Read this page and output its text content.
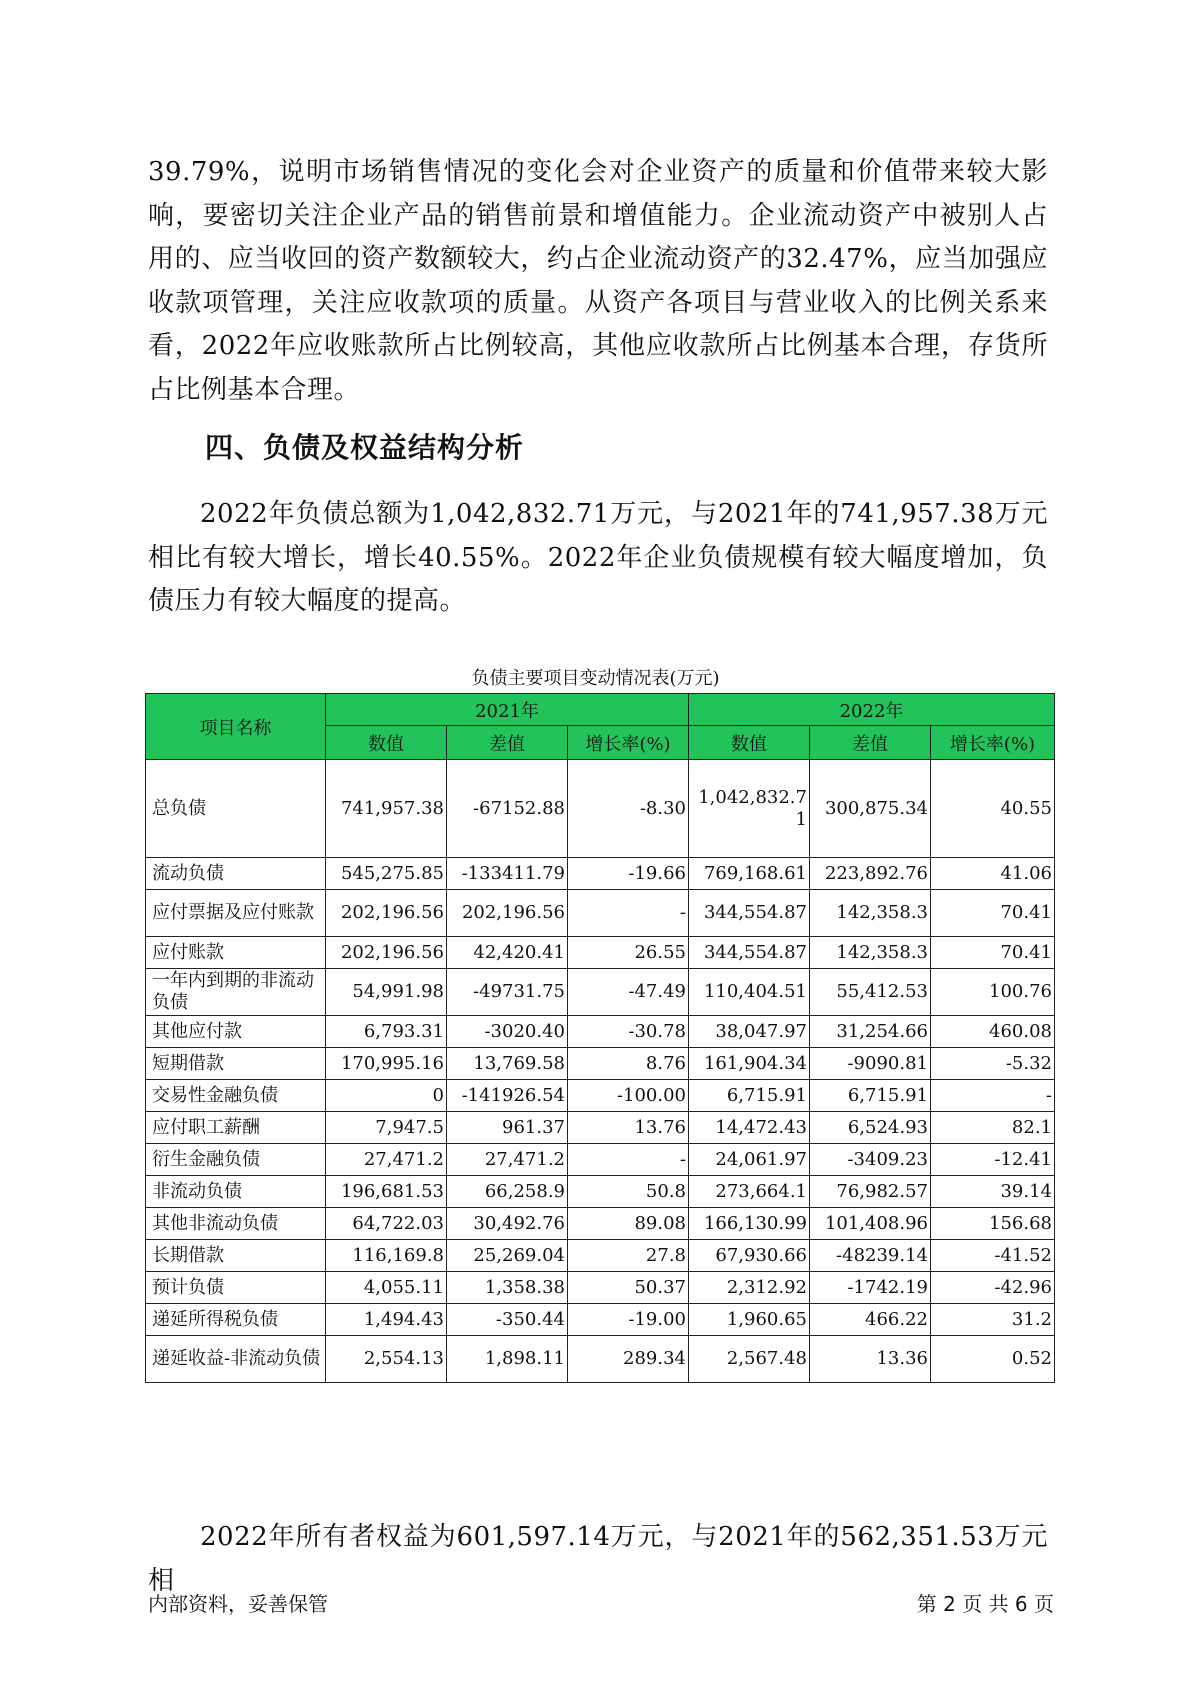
39.79%，说明市场销售情况的变化会对企业资产的质量和价值带来较大影响，要密切关注企业产品的销售前景和增值能力。企业流动资产中被别人占用的、应当收回的资产数额较大，约占企业流动资产的32.47%，应当加强应收款项管理，关注应收款项的质量。从资产各项目与营业收入的比例关系来看，2022年应收账款所占比例较高，其他应收款所占比例基本合理，存货所占比例基本合理。

四、负债及权益结构分析

2022年负债总额为1,042,832.71万元，与2021年的741,957.38万元相比有较大增长，增长40.55%。2022年企业负债规模有较大幅度增加，负债压力有较大幅度的提高。

负债主要项目变动情况表(万元)
项目名称	2021年			2022年		
	数值	差值	增长率(%)	数值	差值	增长率(%)
总负债	741,957.38	-67152.88	-8.30	1,042,832.71	300,875.34	40.55
流动负债	545,275.85	-133411.79	-19.66	769,168.61	223,892.76	41.06
应付票据及应付账款	202,196.56	202,196.56	-	344,554.87	142,358.3	70.41
应付账款	202,196.56	42,420.41	26.55	344,554.87	142,358.3	70.41
一年内到期的非流动负债	54,991.98	-49731.75	-47.49	110,404.51	55,412.53	100.76
其他应付款	6,793.31	-3020.40	-30.78	38,047.97	31,254.66	460.08
短期借款	170,995.16	13,769.58	8.76	161,904.34	-9090.81	-5.32
交易性金融负债	0	-141926.54	-100.00	6,715.91	6,715.91	-
应付职工薪酬	7,947.5	961.37	13.76	14,472.43	6,524.93	82.1
衍生金融负债	27,471.2	27,471.2	-	24,061.97	-3409.23	-12.41
非流动负债	196,681.53	66,258.9	50.8	273,664.1	76,982.57	39.14
其他非流动负债	64,722.03	30,492.76	89.08	166,130.99	101,408.96	156.68
长期借款	116,169.8	25,269.04	27.8	67,930.66	-48239.14	-41.52
预计负债	4,055.11	1,358.38	50.37	2,312.92	-1742.19	-42.96
递延所得税负债	1,494.43	-350.44	-19.00	1,960.65	466.22	31.2
递延收益-非流动负债	2,554.13	1,898.11	289.34	2,567.48	13.36	0.52

2022年所有者权益为601,597.14万元，与2021年的562,351.53万元相

内部资料，妥善保管	第 2 页 共 6 页
